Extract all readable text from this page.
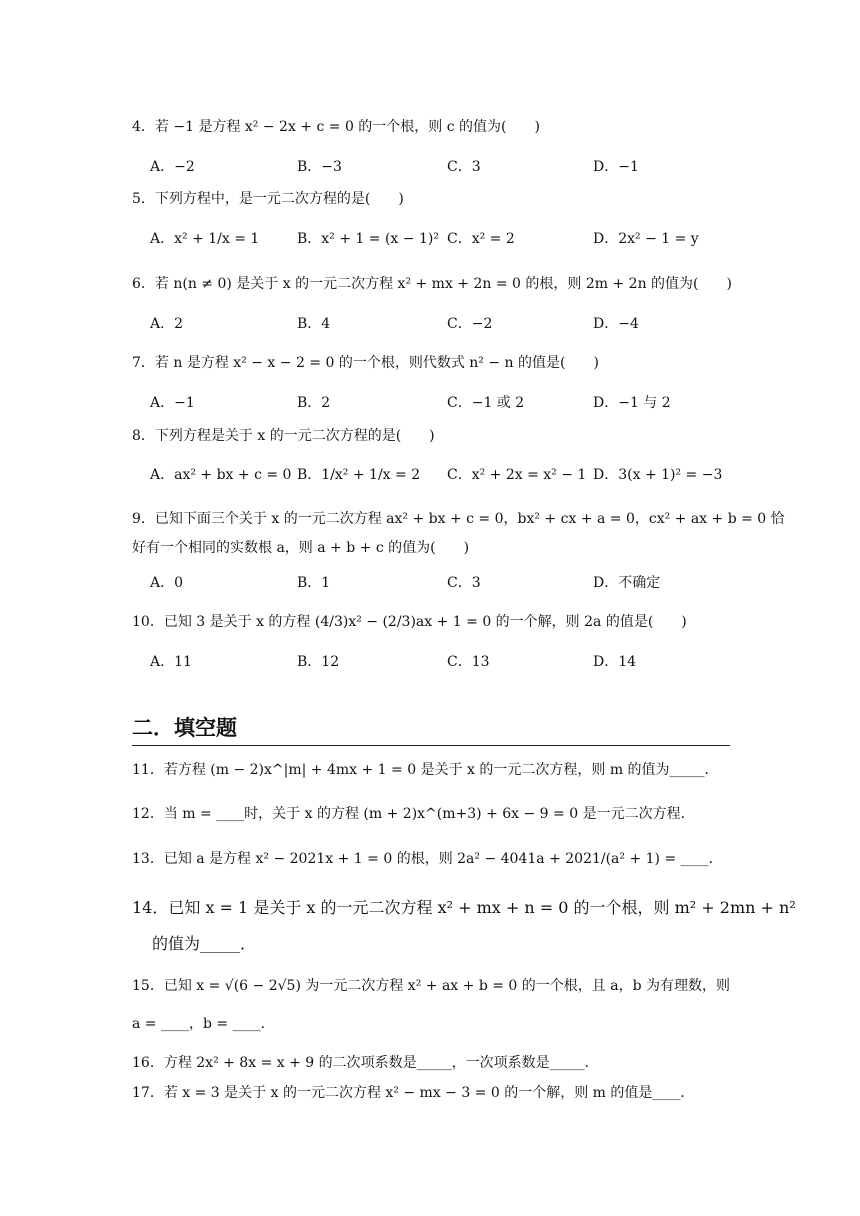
4．若 −1 是方程 x² − 2x + c = 0 的一个根，则 c 的值为(　　)
A．−2	B．−3	C．3	D．−1
5．下列方程中，是一元二次方程的是(　　)
A．x² + 1/x = 1	B．x² + 1 = (x − 1)² C．x² = 2	D．2x² − 1 = y
6．若 n(n ≠ 0) 是关于 x 的一元二次方程 x² + mx + 2n = 0 的根，则 2m + 2n 的值为(　　)
A．2	B．4	C．−2	D．−4
7．若 n 是方程 x² − x − 2 = 0 的一个根，则代数式 n² − n 的值是(　　)
A．−1	B．2	C．−1 或 2	D．−1 与 2
8．下列方程是关于 x 的一元二次方程的是(　　)
A．ax² + bx + c = 0 B．1/x² + 1/x = 2 C．x² + 2x = x² − 1 D．3(x + 1)² = −3
9．已知下面三个关于 x 的一元二次方程 ax² + bx + c = 0，bx² + cx + a = 0，cx² + ax + b = 0 恰
好有一个相同的实数根 a，则 a + b + c 的值为(　　)
A．0	B．1	C．3	D．不确定
10．已知 3 是关于 x 的方程 (4/3)x² − (2/3)ax + 1 = 0 的一个解，则 2a 的值是(　　)
A．11	B．12	C．13	D．14
二．填空题
11．若方程 (m − 2)x^|m| + 4mx + 1 = 0 是关于 x 的一元二次方程，则 m 的值为_____．
12．当 m = ____时，关于 x 的方程 (m + 2)x^(m+3) + 6x − 9 = 0 是一元二次方程．
13．已知 a 是方程 x² − 2021x + 1 = 0 的根，则 2a² − 4041a + 2021/(a² + 1) = ____．
14．已知 x = 1 是关于 x 的一元二次方程 x² + mx + n = 0 的一个根，则 m² + 2mn + n²
的值为_____．
15．已知 x = √(6 − 2√5) 为一元二次方程 x² + ax + b = 0 的一个根，且 a，b 为有理数，则
a = ____，b = ____．
16．方程 2x² + 8x = x + 9 的二次项系数是_____，一次项系数是_____．
17．若 x = 3 是关于 x 的一元二次方程 x² − mx − 3 = 0 的一个解，则 m 的值是____．
